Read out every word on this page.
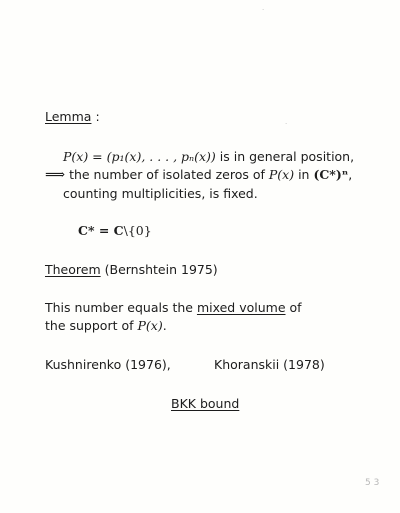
Lemma :
P(x) = (p₁(x), . . . , pₙ(x)) is in general position,
⟹ the number of isolated zeros of P(x) in (C*)ⁿ,
counting multiplicities, is fixed.
C* = C\{0}
Theorem (Bernshtein 1975)
This number equals the mixed volume of
the support of P(x).
Kushnirenko (1976),	Khoranskii (1978)
BKK bound
5 3
·
·
